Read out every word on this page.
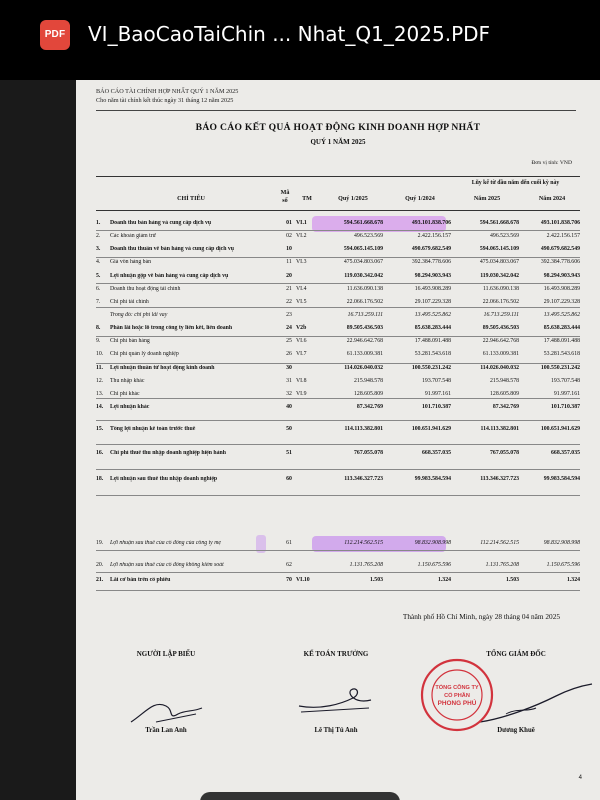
PDF VI_BaoCaoTaiChin ... Nhat_Q1_2025.PDF
BÁO CÁO TÀI CHÍNH HỢP NHẤT QUÝ 1 NĂM 2025
Cho năm tài chính kết thúc ngày 31 tháng 12 năm 2025
BÁO CÁO KẾT QUẢ HOẠT ĐỘNG KINH DOANH HỢP NHẤT
QUÝ 1 NĂM 2025
Đơn vị tính: VND
Lũy kế từ đầu năm đến cuối kỳ này
CHỈ TIÊU
Mã số	TM	Quý 1/2025	Quý 1/2024	Năm 2025	Năm 2024
1.	Doanh thu bán hàng và cung cấp dịch vụ	01 VI.1	594.561.668.678	493.101.838.706	594.561.668.678	493.101.838.706
2.	Các khoản giảm trừ	02 VI.2	496.523.569	2.422.156.157	496.523.569	2.422.156.157
3.	Doanh thu thuần về bán hàng và cung cấp dịch vụ	10	594.065.145.109	490.679.682.549	594.065.145.109	490.679.682.549
4.	Giá vốn hàng bán	11 VI.3	475.034.803.067	392.384.778.606	475.034.803.067	392.384.778.606
5.	Lợi nhuận gộp về bán hàng và cung cấp dịch vụ	20	119.030.342.042	98.294.903.943	119.030.342.042	98.294.903.943
6.	Doanh thu hoạt động tài chính	21 VI.4	11.636.090.138	16.493.908.289	11.636.090.138	16.493.908.289
7.	Chi phí tài chính	22 VI.5	22.066.176.502	29.107.229.328	22.066.176.502	29.107.229.328
Trong đó: chi phí lãi vay	23	16.713.259.111	13.495.525.862	16.713.259.111	13.495.525.862
8.	Phần lãi hoặc lỗ trong công ty liên kết, liên doanh	24 V2b	89.505.436.503	85.638.283.444	89.505.436.503	85.638.283.444
9.	Chi phí bán hàng	25 VI.6	22.946.642.768	17.488.091.488	22.946.642.768	17.488.091.488
10.	Chi phí quản lý doanh nghiệp	26 VI.7	61.133.009.381	53.281.543.618	61.133.009.381	53.281.543.618
11.	Lợi nhuận thuần từ hoạt động kinh doanh	30	114.026.040.032	100.550.231.242	114.026.040.032	100.550.231.242
12.	Thu nhập khác	31 VI.8	215.948.578	193.707.548	215.948.578	193.707.548
13.	Chi phí khác	32 VI.9	128.605.809	91.997.161	128.605.809	91.997.161
14.	Lợi nhuận khác	40	87.342.769	101.710.387	87.342.769	101.710.387
15.	Tổng lợi nhuận kế toán trước thuế	50	114.113.382.801	100.651.941.629	114.113.382.801	100.651.941.629
16.	Chi phí thuế thu nhập doanh nghiệp hiện hành	51	767.055.078	668.357.035	767.055.078	668.357.035
18.	Lợi nhuận sau thuế thu nhập doanh nghiệp	60	113.346.327.723	99.983.584.594	113.346.327.723	99.983.584.594
19.	Lợi nhuận sau thuế của cổ đông của công ty mẹ	61	112.214.562.515	98.832.908.998	112.214.562.515	98.832.908.998
20.	Lợi nhuận sau thuế của cổ đông không kiểm soát	62	1.131.765.208	1.150.675.596	1.131.765.208	1.150.675.596
21.	Lãi cơ bản trên cổ phiếu	70 VI.10	1.503	1.324	1.503	1.324
Thành phố Hồ Chí Minh, ngày 28 tháng 04 năm 2025
NGƯỜI LẬP BIỂU	KẾ TOÁN TRƯỞNG	TỔNG GIÁM ĐỐC
TỔNG CÔNG TY
CỔ PHẦN
PHONG PHÚ
Trần Lan Anh	Lê Thị Tú Anh	Dương Khuê
4
